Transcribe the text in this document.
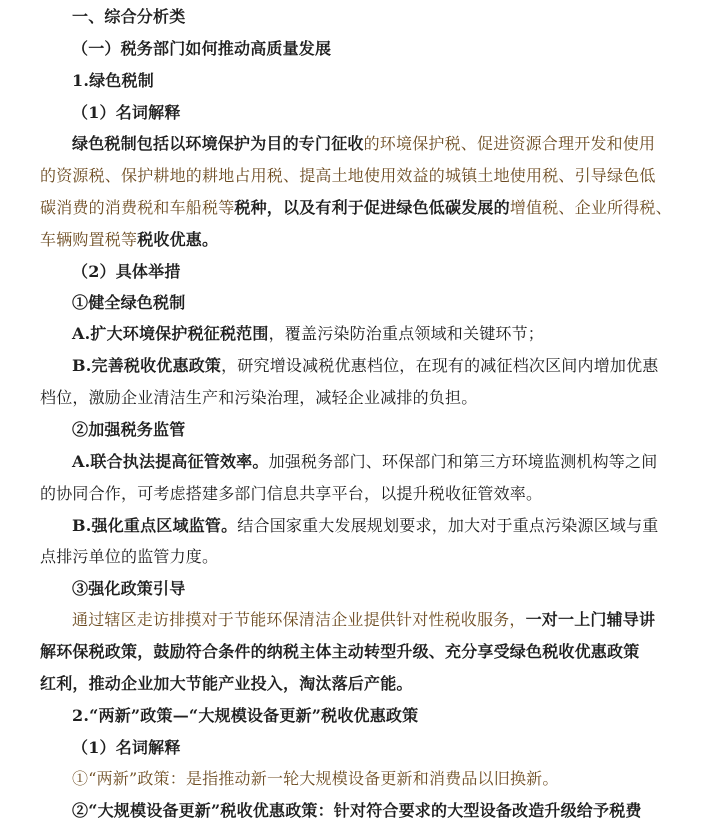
一、综合分析类
（一）税务部门如何推动高质量发展
1.绿色税制
（1）名词解释
绿色税制包括以环境保护为目的专门征收的环境保护税、促进资源合理开发和使用
的资源税、保护耕地的耕地占用税、提高土地使用效益的城镇土地使用税、引导绿色低
碳消费的消费税和车船税等税种，以及有利于促进绿色低碳发展的增值税、企业所得税、
车辆购置税等税收优惠。
（2）具体举措
①健全绿色税制
A.扩大环境保护税征税范围，覆盖污染防治重点领域和关键环节；
B.完善税收优惠政策，研究增设减税优惠档位，在现有的减征档次区间内增加优惠
档位，激励企业清洁生产和污染治理，减轻企业减排的负担。
②加强税务监管
A.联合执法提高征管效率。加强税务部门、环保部门和第三方环境监测机构等之间
的协同合作，可考虑搭建多部门信息共享平台，以提升税收征管效率。
B.强化重点区域监管。结合国家重大发展规划要求，加大对于重点污染源区域与重
点排污单位的监管力度。
③强化政策引导
通过辖区走访排摸对于节能环保清洁企业提供针对性税收服务，一对一上门辅导讲
解环保税政策，鼓励符合条件的纳税主体主动转型升级、充分享受绿色税收优惠政策
红利，推动企业加大节能产业投入，淘汰落后产能。
2.“两新”政策—“大规模设备更新”税收优惠政策
（1）名词解释
①“两新”政策：是指推动新一轮大规模设备更新和消费品以旧换新。
②“大规模设备更新”税收优惠政策：针对符合要求的大型设备改造升级给予税费
